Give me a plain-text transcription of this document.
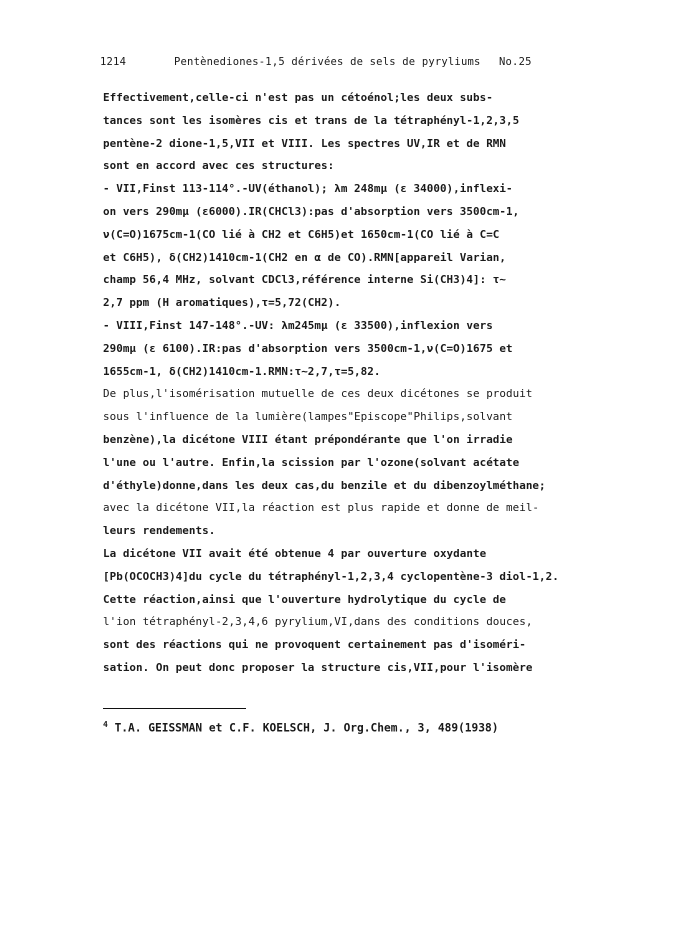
1214	Pentènediones-1,5 dérivées de sels de pyryliums No.25
Effectivement,celle-ci n'est pas un cétoénol;les deux subs-
tances sont les isomères cis et trans de la tétraphényl-1,2,3,5
pentène-2 dione-1,5,VII et VIII. Les spectres UV,IR et de RMN
sont en accord avec ces structures:
- VII,Finst 113-114°.-UV(éthanol); λm 248mμ (ε 34000),inflexi-
on vers 290mμ (ε6000).IR(CHCl3):pas d'absorption vers 3500cm-1,
ν(C=O)1675cm-1(CO lié à CH2 et C6H5)et 1650cm-1(CO lié à C=C
et C6H5), δ(CH2)1410cm-1(CH2 en α de CO).RMN[appareil Varian,
champ 56,4 MHz, solvant CDCl3,référence interne Si(CH3)4]: τ~
2,7 ppm (H aromatiques),τ=5,72(CH2).
- VIII,Finst 147-148°.-UV: λm245mμ (ε 33500),inflexion vers
290mμ (ε 6100).IR:pas d'absorption vers 3500cm-1,ν(C=O)1675 et
1655cm-1, δ(CH2)1410cm-1.RMN:τ~2,7,τ=5,82.
De plus,l'isomérisation mutuelle de ces deux dicétones se produit
sous l'influence de la lumière(lampes"Episcope"Philips,solvant
benzène),la dicétone VIII étant prépondérante que l'on irradie
l'une ou l'autre. Enfin,la scission par l'ozone(solvant acétate
d'éthyle)donne,dans les deux cas,du benzile et du dibenzoylméthane;
avec la dicétone VII,la réaction est plus rapide et donne de meil-
leurs rendements.
La dicétone VII avait été obtenue 4 par ouverture oxydante
[Pb(OCOCH3)4]du cycle du tétraphényl-1,2,3,4 cyclopentène-3 diol-1,2.
Cette réaction,ainsi que l'ouverture hydrolytique du cycle de
l'ion tétraphényl-2,3,4,6 pyrylium,VI,dans des conditions douces,
sont des réactions qui ne provoquent certainement pas d'isoméri-
sation. On peut donc proposer la structure cis,VII,pour l'isomère
$^4$ T.A. GEISSMAN et C.F. KOELSCH, J. Org.Chem., 3, 489(1938)
